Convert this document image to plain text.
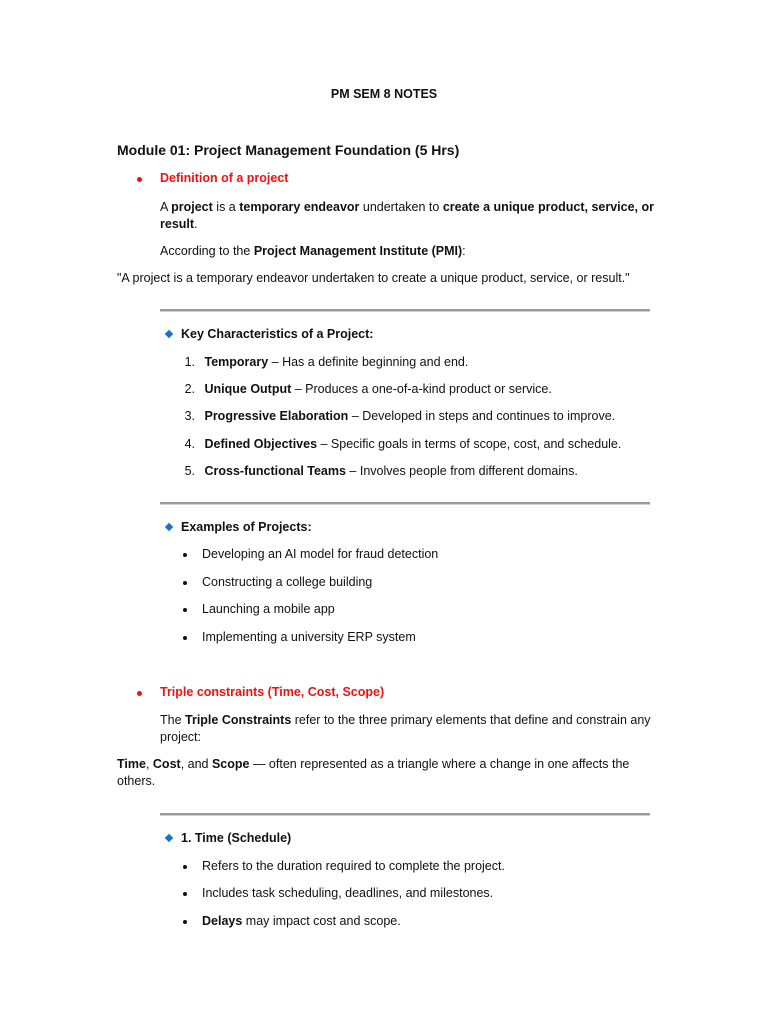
PM SEM 8 NOTES
Module 01: Project Management Foundation (5 Hrs)
Definition of a project
A project is a temporary endeavor undertaken to create a unique product, service, or
result.
According to the Project Management Institute (PMI):
"A project is a temporary endeavor undertaken to create a unique product, service, or result."
Key Characteristics of a Project:
1. Temporary – Has a definite beginning and end.
2. Unique Output – Produces a one-of-a-kind product or service.
3. Progressive Elaboration – Developed in steps and continues to improve.
4. Defined Objectives – Specific goals in terms of scope, cost, and schedule.
5. Cross-functional Teams – Involves people from different domains.
Examples of Projects:
Developing an AI model for fraud detection
Constructing a college building
Launching a mobile app
Implementing a university ERP system
Triple constraints (Time, Cost, Scope)
The Triple Constraints refer to the three primary elements that define and constrain any
project:
Time, Cost, and Scope — often represented as a triangle where a change in one affects the
others.
1. Time (Schedule)
Refers to the duration required to complete the project.
Includes task scheduling, deadlines, and milestones.
Delays may impact cost and scope.
